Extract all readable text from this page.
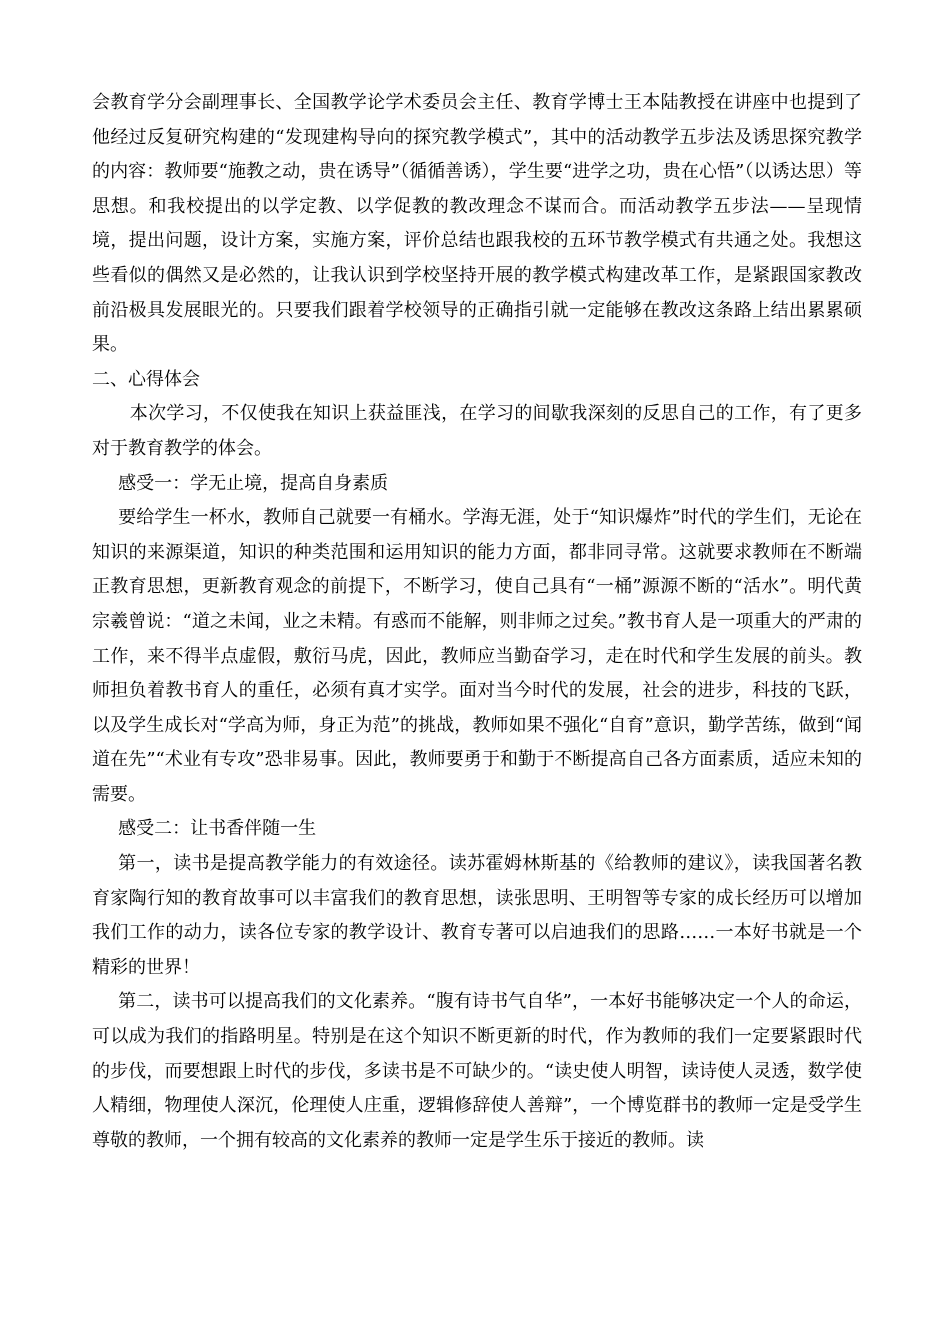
会教育学分会副理事长、全国教学论学术委员会主任、教育学博士王本陆教授在讲座中也提到了他经过反复研究构建的“发现建构导向的探究教学模式”，其中的活动教学五步法及诱思探究教学的内容：教师要“施教之动，贵在诱导”（循循善诱），学生要“进学之功，贵在心悟”（以诱达思）等思想。和我校提出的以学定教、以学促教的教改理念不谋而合。而活动教学五步法——呈现情境，提出问题，设计方案，实施方案，评价总结也跟我校的五环节教学模式有共通之处。我想这些看似的偶然又是必然的，让我认识到学校坚持开展的教学模式构建改革工作，是紧跟国家教改前沿极具发展眼光的。只要我们跟着学校领导的正确指引就一定能够在教改这条路上结出累累硕果。

二、心得体会

本次学习，不仅使我在知识上获益匪浅，在学习的间歇我深刻的反思自己的工作，有了更多对于教育教学的体会。

感受一：学无止境，提高自身素质

要给学生一杯水，教师自己就要一有桶水。学海无涯，处于“知识爆炸”时代的学生们，无论在知识的来源渠道，知识的种类范围和运用知识的能力方面，都非同寻常。这就要求教师在不断端正教育思想，更新教育观念的前提下，不断学习，使自己具有“一桶”源源不断的“活水”。明代黄宗羲曾说：“道之未闻，业之未精。有惑而不能解，则非师之过矣。”教书育人是一项重大的严肃的工作，来不得半点虚假，敷衍马虎，因此，教师应当勤奋学习，走在时代和学生发展的前头。教师担负着教书育人的重任，必须有真才实学。面对当今时代的发展，社会的进步，科技的飞跃，以及学生成长对“学高为师，身正为范”的挑战，教师如果不强化“自育”意识，勤学苦练，做到“闻道在先”“术业有专攻”恐非易事。因此，教师要勇于和勤于不断提高自己各方面素质，适应未知的需要。

感受二：让书香伴随一生

第一，读书是提高教学能力的有效途径。读苏霍姆林斯基的《给教师的建议》，读我国著名教育家陶行知的教育故事可以丰富我们的教育思想，读张思明、王明智等专家的成长经历可以增加我们工作的动力，读各位专家的教学设计、教育专著可以启迪我们的思路……一本好书就是一个精彩的世界！

第二，读书可以提高我们的文化素养。“腹有诗书气自华”，一本好书能够决定一个人的命运，可以成为我们的指路明星。特别是在这个知识不断更新的时代，作为教师的我们一定要紧跟时代的步伐，而要想跟上时代的步伐，多读书是不可缺少的。“读史使人明智，读诗使人灵透，数学使人精细，物理使人深沉，伦理使人庄重，逻辑修辞使人善辩”，一个博览群书的教师一定是受学生尊敬的教师，一个拥有较高的文化素养的教师一定是学生乐于接近的教师。读
